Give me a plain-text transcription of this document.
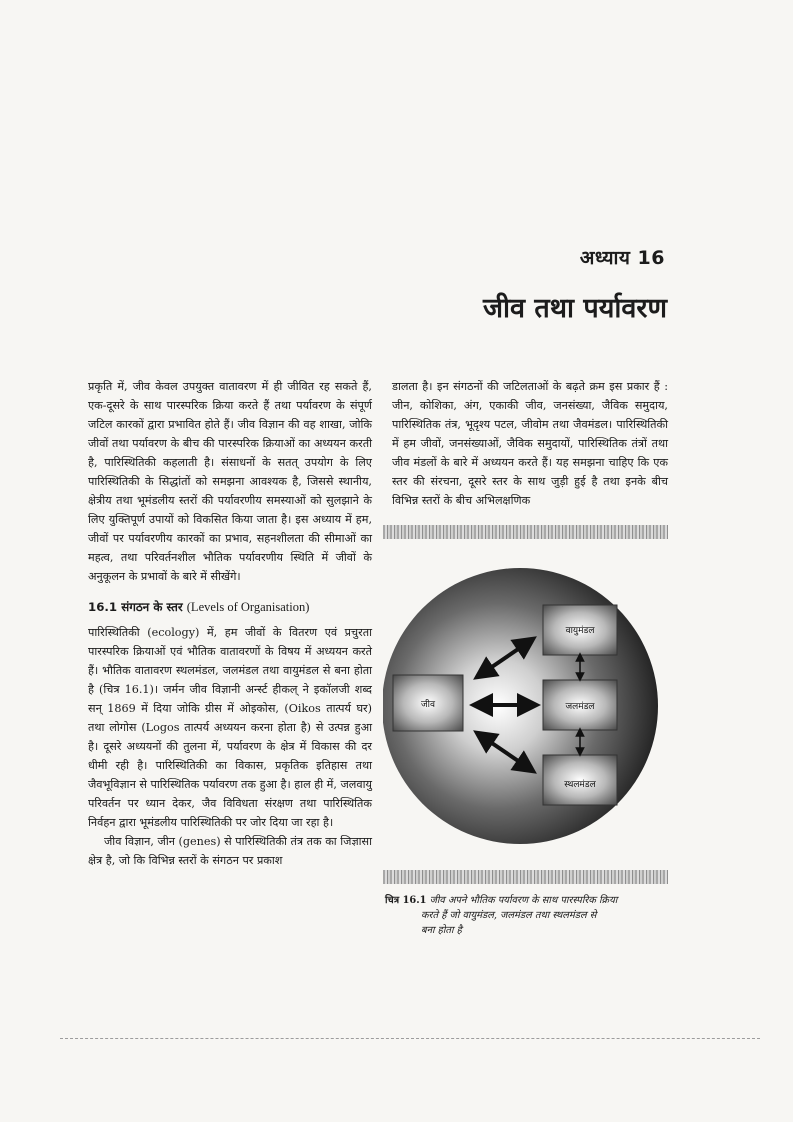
अध्याय 16
जीव तथा पर्यावरण

प्रकृति में, जीव केवल उपयुक्त वातावरण में ही जीवित रह सकते हैं, एक-दूसरे के साथ पारस्परिक क्रिया करते हैं तथा पर्यावरण के संपूर्ण जटिल कारकों द्वारा प्रभावित होते हैं। जीव विज्ञान की वह शाखा, जोकि जीवों तथा पर्यावरण के बीच की पारस्परिक क्रियाओं का अध्ययन करती है, पारिस्थितिकी कहलाती है। संसाधनों के सतत् उपयोग के लिए पारिस्थितिकी के सिद्धांतों को समझना आवश्यक है, जिससे स्थानीय, क्षेत्रीय तथा भूमंडलीय स्तरों की पर्यावरणीय समस्याओं को सुलझाने के लिए युक्तिपूर्ण उपायों को विकसित किया जाता है। इस अध्याय में हम, जीवों पर पर्यावरणीय कारकों का प्रभाव, सहनशीलता की सीमाओं का महत्व, तथा परिवर्तनशील भौतिक पर्यावरणीय स्थिति में जीवों के अनुकूलन के प्रभावों के बारे में सीखेंगे।

16.1 संगठन के स्तर (Levels of Organisation)

पारिस्थितिकी (ecology) में, हम जीवों के वितरण एवं प्रचुरता पारस्परिक क्रियाओं एवं भौतिक वातावरणों के विषय में अध्ययन करते हैं। भौतिक वातावरण स्थलमंडल, जलमंडल तथा वायुमंडल से बना होता है (चित्र 16.1)। जर्मन जीव विज्ञानी अर्न्स्ट हीकल् ने इकॉलजी शब्द सन् 1869 में दिया जोकि ग्रीस में ओइकोस, (Oikos तात्पर्य घर) तथा लोगोस (Logos तात्पर्य अध्ययन करना होता है) से उत्पन्न हुआ है। दूसरे अध्ययनों की तुलना में, पर्यावरण के क्षेत्र में विकास की दर धीमी रही है। पारिस्थितिकी का विकास, प्रकृतिक इतिहास तथा जैवभूविज्ञान से पारिस्थितिक पर्यावरण तक हुआ है। हाल ही में, जलवायु परिवर्तन पर ध्यान देकर, जैव विविधता संरक्षण तथा पारिस्थितिक निर्वहन द्वारा भूमंडलीय पारिस्थितिकी पर जोर दिया जा रहा है।

जीव विज्ञान, जीन (genes) से पारिस्थितिकी तंत्र तक का जिज्ञासा क्षेत्र है, जो कि विभिन्न स्तरों के संगठन पर प्रकाश

डालता है। इन संगठनों की जटिलताओं के बढ़ते क्रम इस प्रकार हैं : जीन, कोशिका, अंग, एकाकी जीव, जनसंख्या, जैविक समुदाय, पारिस्थितिक तंत्र, भूदृश्य पटल, जीवोम तथा जैवमंडल। पारिस्थितिकी में हम जीवों, जनसंख्याओं, जैविक समुदायों, पारिस्थितिक तंत्रों तथा जीव मंडलों के बारे में अध्ययन करते हैं। यह समझना चाहिए कि एक स्तर की संरचना, दूसरे स्तर के साथ जुड़ी हुई है तथा इनके बीच विभिन्न स्तरों के बीच अभिलक्षणिक

जीव
वायुमंडल
जलमंडल
स्थलमंडल
चित्र 16.1 जीव अपने भौतिक पर्यावरण के साथ पारस्परिक क्रिया
करते हैं जो वायुमंडल, जलमंडल तथा स्थलमंडल से
बना होता है
